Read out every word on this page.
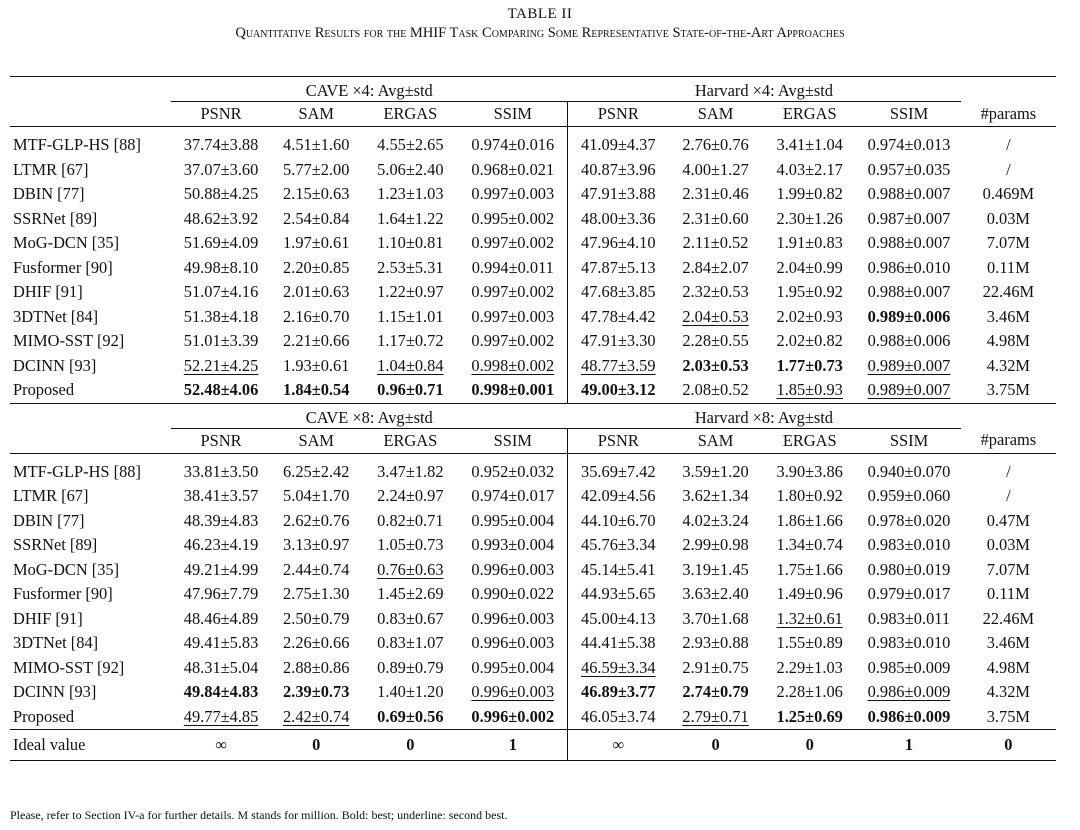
TABLE II
Quantitative Results for the MHIF Task Comparing Some Representative State-of-the-Art Approaches
	CAVE ×4: Avg±std				Harvard ×4: Avg±std				
	PSNR	SAM	ERGAS	SSIM	PSNR	SAM	ERGAS	SSIM	#params

MTF-GLP-HS [88]	37.74±3.88	4.51±1.60	4.55±2.65	0.974±0.016	41.09±4.37	2.76±0.76	3.41±1.04	0.974±0.013	/
LTMR [67]	37.07±3.60	5.77±2.00	5.06±2.40	0.968±0.021	40.87±3.96	4.00±1.27	4.03±2.17	0.957±0.035	/
DBIN [77]	50.88±4.25	2.15±0.63	1.23±1.03	0.997±0.003	47.91±3.88	2.31±0.46	1.99±0.82	0.988±0.007	0.469M
SSRNet [89]	48.62±3.92	2.54±0.84	1.64±1.22	0.995±0.002	48.00±3.36	2.31±0.60	2.30±1.26	0.987±0.007	0.03M
MoG-DCN [35]	51.69±4.09	1.97±0.61	1.10±0.81	0.997±0.002	47.96±4.10	2.11±0.52	1.91±0.83	0.988±0.007	7.07M
Fusformer [90]	49.98±8.10	2.20±0.85	2.53±5.31	0.994±0.011	47.87±5.13	2.84±2.07	2.04±0.99	0.986±0.010	0.11M
DHIF [91]	51.07±4.16	2.01±0.63	1.22±0.97	0.997±0.002	47.68±3.85	2.32±0.53	1.95±0.92	0.988±0.007	22.46M
3DTNet [84]	51.38±4.18	2.16±0.70	1.15±1.01	0.997±0.003	47.78±4.42	2.04±0.53	2.02±0.93	0.989±0.006	3.46M
MIMO-SST [92]	51.01±3.39	2.21±0.66	1.17±0.72	0.997±0.002	47.91±3.30	2.28±0.55	2.02±0.82	0.988±0.006	4.98M
DCINN [93]	52.21±4.25	1.93±0.61	1.04±0.84	0.998±0.002	48.77±3.59	2.03±0.53	1.77±0.73	0.989±0.007	4.32M
Proposed	52.48±4.06	1.84±0.54	0.96±0.71	0.998±0.001	49.00±3.12	2.08±0.52	1.85±0.93	0.989±0.007	3.75M
	CAVE ×8: Avg±std				Harvard ×8: Avg±std				
	PSNR	SAM	ERGAS	SSIM	PSNR	SAM	ERGAS	SSIM	#params

MTF-GLP-HS [88]	33.81±3.50	6.25±2.42	3.47±1.82	0.952±0.032	35.69±7.42	3.59±1.20	3.90±3.86	0.940±0.070	/
LTMR [67]	38.41±3.57	5.04±1.70	2.24±0.97	0.974±0.017	42.09±4.56	3.62±1.34	1.80±0.92	0.959±0.060	/
DBIN [77]	48.39±4.83	2.62±0.76	0.82±0.71	0.995±0.004	44.10±6.70	4.02±3.24	1.86±1.66	0.978±0.020	0.47M
SSRNet [89]	46.23±4.19	3.13±0.97	1.05±0.73	0.993±0.004	45.76±3.34	2.99±0.98	1.34±0.74	0.983±0.010	0.03M
MoG-DCN [35]	49.21±4.99	2.44±0.74	0.76±0.63	0.996±0.003	45.14±5.41	3.19±1.45	1.75±1.66	0.980±0.019	7.07M
Fusformer [90]	47.96±7.79	2.75±1.30	1.45±2.69	0.990±0.022	44.93±5.65	3.63±2.40	1.49±0.96	0.979±0.017	0.11M
DHIF [91]	48.46±4.89	2.50±0.79	0.83±0.67	0.996±0.003	45.00±4.13	3.70±1.68	1.32±0.61	0.983±0.011	22.46M
3DTNet [84]	49.41±5.83	2.26±0.66	0.83±1.07	0.996±0.003	44.41±5.38	2.93±0.88	1.55±0.89	0.983±0.010	3.46M
MIMO-SST [92]	48.31±5.04	2.88±0.86	0.89±0.79	0.995±0.004	46.59±3.34	2.91±0.75	2.29±1.03	0.985±0.009	4.98M
DCINN [93]	49.84±4.83	2.39±0.73	1.40±1.20	0.996±0.003	46.89±3.77	2.74±0.79	2.28±1.06	0.986±0.009	4.32M
Proposed	49.77±4.85	2.42±0.74	0.69±0.56	0.996±0.002	46.05±3.74	2.79±0.71	1.25±0.69	0.986±0.009	3.75M
Ideal value	∞	0	0	1	∞	0	0	1	0
Please, refer to Section IV-a for further details. M stands for million. Bold: best; underline: second best.
